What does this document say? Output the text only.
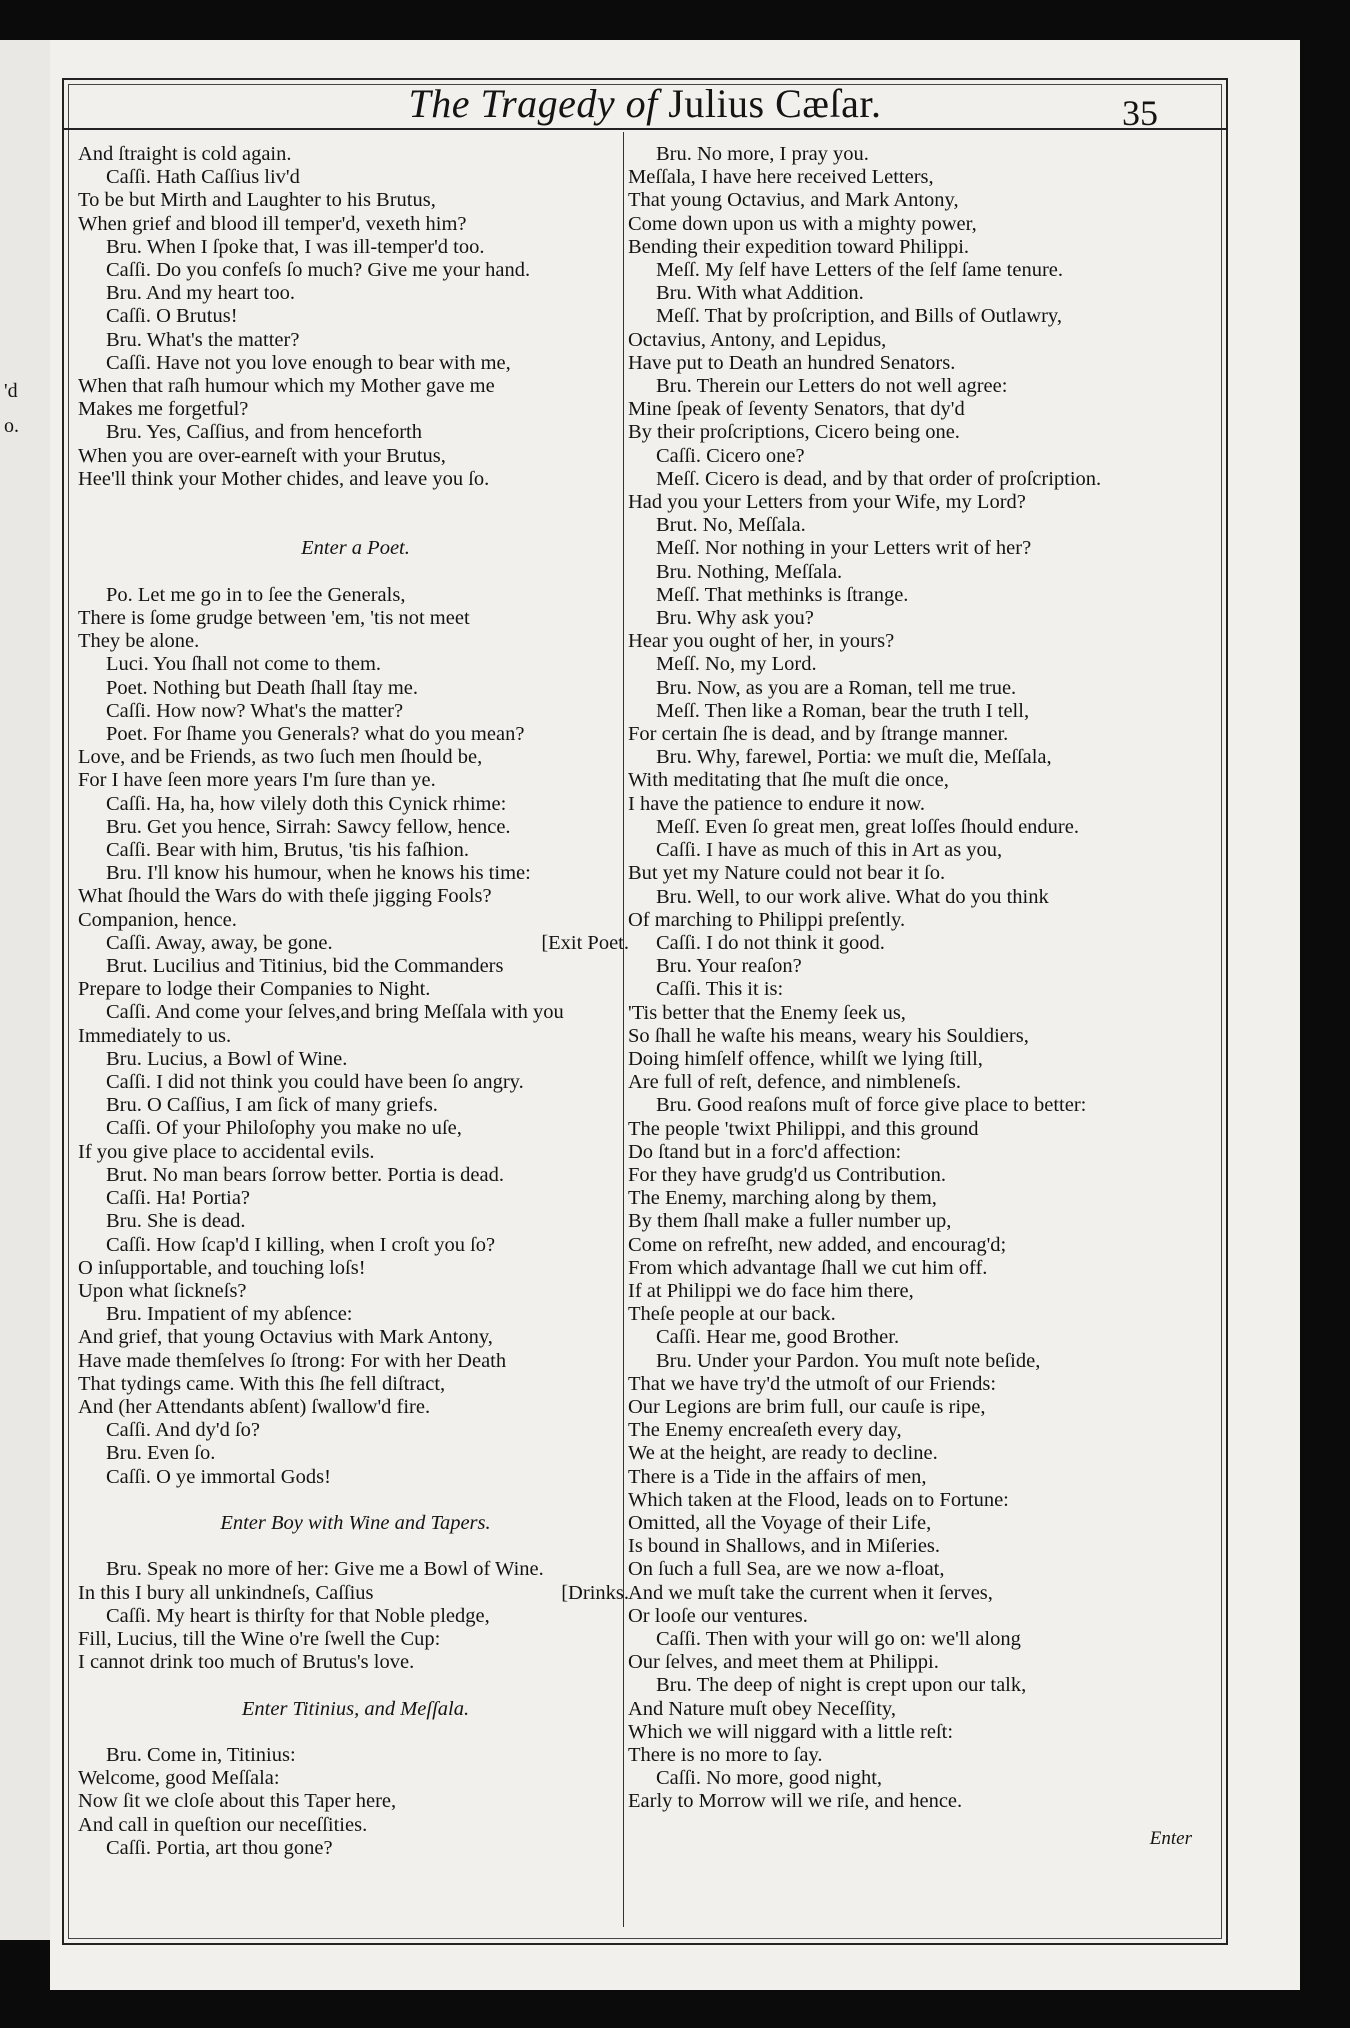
'd
o.
The Tragedy of Julius Cæſar.	35
And ſtraight is cold again.
Caſſi. Hath Caſſius liv'd
To be but Mirth and Laughter to his Brutus,
When grief and blood ill temper'd, vexeth him?
Bru. When I ſpoke that, I was ill-temper'd too.
Caſſi. Do you confeſs ſo much? Give me your hand.
Bru. And my heart too.
Caſſi. O Brutus!
Bru. What's the matter?
Caſſi. Have not you love enough to bear with me,
When that raſh humour which my Mother gave me
Makes me forgetful?
Bru. Yes, Caſſius, and from henceforth
When you are over-earneſt with your Brutus,
Hee'll think your Mother chides, and leave you ſo.
Enter a Poet.
Po. Let me go in to ſee the Generals,
There is ſome grudge between 'em, 'tis not meet
They be alone.
Luci. You ſhall not come to them.
Poet. Nothing but Death ſhall ſtay me.
Caſſi. How now? What's the matter?
Poet. For ſhame you Generals? what do you mean?
Love, and be Friends, as two ſuch men ſhould be,
For I have ſeen more years I'm ſure than ye.
Caſſi. Ha, ha, how vilely doth this Cynick rhime:
Bru. Get you hence, Sirrah: Sawcy fellow, hence.
Caſſi. Bear with him, Brutus, 'tis his faſhion.
Bru. I'll know his humour, when he knows his time:
What ſhould the Wars do with theſe jigging Fools?
Companion, hence.
[Exit Poet.
Caſſi. Away, away, be gone.
Brut. Lucilius and Titinius, bid the Commanders
Prepare to lodge their Companies to Night.
Caſſi. And come your ſelves,and bring Meſſala with you
Immediately to us.
Bru. Lucius, a Bowl of Wine.
Caſſi. I did not think you could have been ſo angry.
Bru. O Caſſius, I am ſick of many griefs.
Caſſi. Of your Philoſophy you make no uſe,
If you give place to accidental evils.
Brut. No man bears ſorrow better. Portia is dead.
Caſſi. Ha! Portia?
Bru. She is dead.
Caſſi. How ſcap'd I killing, when I croſt you ſo?
O inſupportable, and touching loſs!
Upon what ſickneſs?
Bru. Impatient of my abſence:
And grief, that young Octavius with Mark Antony,
Have made themſelves ſo ſtrong: For with her Death
That tydings came. With this ſhe fell diſtract,
And (her Attendants abſent) ſwallow'd fire.
Caſſi. And dy'd ſo?
Bru. Even ſo.
Caſſi. O ye immortal Gods!
Enter Boy with Wine and Tapers.
Bru. Speak no more of her: Give me a Bowl of Wine.
[Drinks.
In this I bury all unkindneſs, Caſſius
Caſſi. My heart is thirſty for that Noble pledge,
Fill, Lucius, till the Wine o're ſwell the Cup:
I cannot drink too much of Brutus's love.
Enter Titinius, and Meſſala.
Bru. Come in, Titinius:
Welcome, good Meſſala:
Now ſit we cloſe about this Taper here,
And call in queſtion our neceſſities.
Caſſi. Portia, art thou gone?
Bru. No more, I pray you.
Meſſala, I have here received Letters,
That young Octavius, and Mark Antony,
Come down upon us with a mighty power,
Bending their expedition toward Philippi.
Meſſ. My ſelf have Letters of the ſelf ſame tenure.
Bru. With what Addition.
Meſſ. That by proſcription, and Bills of Outlawry,
Octavius, Antony, and Lepidus,
Have put to Death an hundred Senators.
Bru. Therein our Letters do not well agree:
Mine ſpeak of ſeventy Senators, that dy'd
By their proſcriptions, Cicero being one.
Caſſi. Cicero one?
Meſſ. Cicero is dead, and by that order of proſcription.
Had you your Letters from your Wife, my Lord?
Brut. No, Meſſala.
Meſſ. Nor nothing in your Letters writ of her?
Bru. Nothing, Meſſala.
Meſſ. That methinks is ſtrange.
Bru. Why ask you?
Hear you ought of her, in yours?
Meſſ. No, my Lord.
Bru. Now, as you are a Roman, tell me true.
Meſſ. Then like a Roman, bear the truth I tell,
For certain ſhe is dead, and by ſtrange manner.
Bru. Why, farewel, Portia: we muſt die, Meſſala,
With meditating that ſhe muſt die once,
I have the patience to endure it now.
Meſſ. Even ſo great men, great loſſes ſhould endure.
Caſſi. I have as much of this in Art as you,
But yet my Nature could not bear it ſo.
Bru. Well, to our work alive. What do you think
Of marching to Philippi preſently.
Caſſi. I do not think it good.
Bru. Your reaſon?
Caſſi. This it is:
'Tis better that the Enemy ſeek us,
So ſhall he waſte his means, weary his Souldiers,
Doing himſelf offence, whilſt we lying ſtill,
Are full of reſt, defence, and nimbleneſs.
Bru. Good reaſons muſt of force give place to better:
The people 'twixt Philippi, and this ground
Do ſtand but in a forc'd affection:
For they have grudg'd us Contribution.
The Enemy, marching along by them,
By them ſhall make a fuller number up,
Come on refreſht, new added, and encourag'd;
From which advantage ſhall we cut him off.
If at Philippi we do face him there,
Theſe people at our back.
Caſſi. Hear me, good Brother.
Bru. Under your Pardon. You muſt note beſide,
That we have try'd the utmoſt of our Friends:
Our Legions are brim full, our cauſe is ripe,
The Enemy encreaſeth every day,
We at the height, are ready to decline.
There is a Tide in the affairs of men,
Which taken at the Flood, leads on to Fortune:
Omitted, all the Voyage of their Life,
Is bound in Shallows, and in Miſeries.
On ſuch a full Sea, are we now a-float,
And we muſt take the current when it ſerves,
Or looſe our ventures.
Caſſi. Then with your will go on: we'll along
Our ſelves, and meet them at Philippi.
Bru. The deep of night is crept upon our talk,
And Nature muſt obey Neceſſity,
Which we will niggard with a little reſt:
There is no more to ſay.
Caſſi. No more, good night,
Early to Morrow will we riſe, and hence.
Enter
